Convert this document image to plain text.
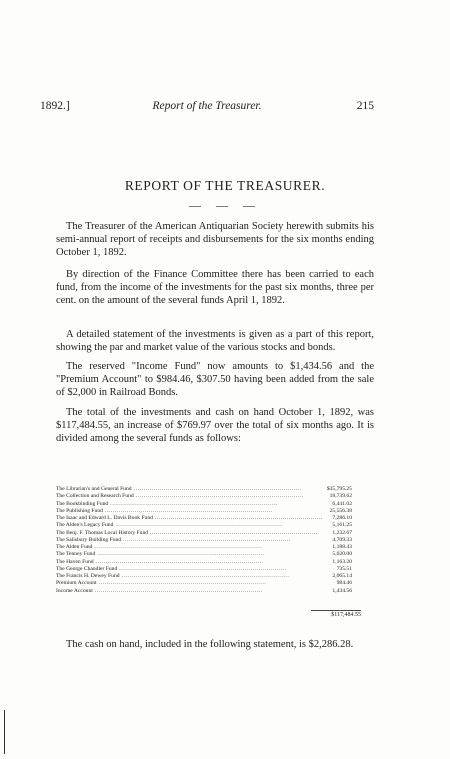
1892.]	Report of the Treasurer.	215
REPORT OF THE TREASURER.
— — —

The Treasurer of the American Antiquarian Society herewith submits his semi-annual report of receipts and disbursements for the six months ending October 1, 1892.

By direction of the Finance Committee there has been carried to each fund, from the income of the investments for the past six months, three per cent. on the amount of the several funds April 1, 1892.

A detailed statement of the investments is given as a part of this report, showing the par and market value of the various stocks and bonds.

The reserved "Income Fund" now amounts to $1,434.56 and the "Premium Account" to $984.46, $307.50 having been added from the sale of $2,000 in Railroad Bonds.

The total of the investments and cash on hand October 1, 1892, was $117,484.55, an increase of $769.97 over the total of six months ago. It is divided among the several funds as follows:

The Librarian's and General Fund .....	$35,795.25
The Collection and Research Fund .....	18,739.62
The Bookbinding Fund .....	6,441.02
The Publishing Fund .....	25,556.38
The Isaac and Edward L. Davis Book Fund .....	7,286.10
The Alden's Legacy Fund .....	5,161.25
The Benj. F. Thomas Local History Fund .....	1,232.67
The Salisbury Building Fund .....	4,709.33
The Alden Fund .....	1,188.43
The Tenney Fund .....	5,020.00
The Haven Fund .....	1,163.20
The George Chandler Fund .....	735.51
The Francis H. Dewey Fund .....	2,065.14
Premium Account .....	984.46
Income Account .....	1,434.56
$117,484.55

The cash on hand, included in the following statement, is $2,286.28.
